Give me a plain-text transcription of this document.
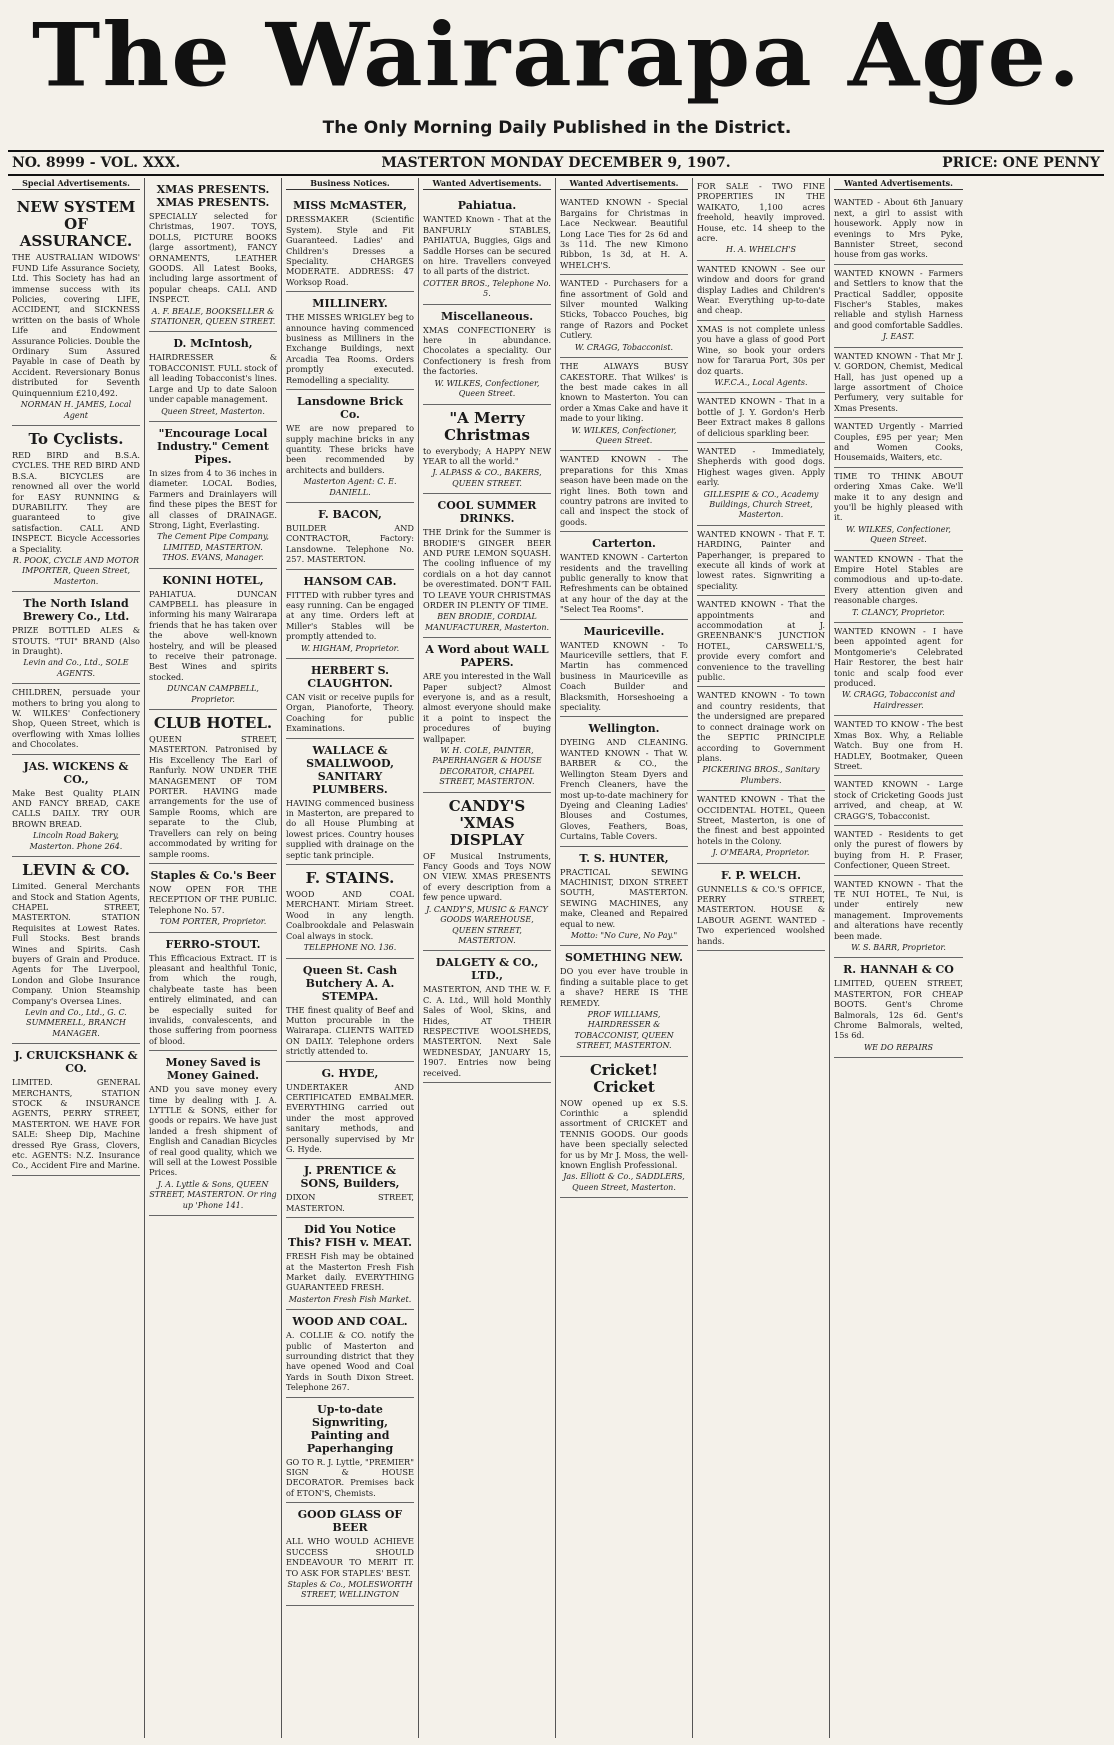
The Wairarapa Age.
The Only Morning Daily Published in the District.
NO. 8999 - VOL. XXX.	MASTERTON MONDAY DECEMBER 9, 1907.	PRICE: ONE PENNY
Special Advertisements.
NEW SYSTEM OF ASSURANCE.
THE AUSTRALIAN WIDOWS' FUND Life Assurance Society, Ltd. This Society has had an immense success with its Policies, covering LIFE, ACCIDENT, and SICKNESS written on the basis of Whole Life and Endowment Assurance Policies. Double the Ordinary Sum Assured Payable in case of Death by Accident. Reversionary Bonus distributed for Seventh Quinquennium £210,492.
NORMAN H. JAMES, Local Agent
To Cyclists.
RED BIRD and B.S.A. CYCLES. THE RED BIRD AND B.S.A. BICYCLES are renowned all over the world for EASY RUNNING & DURABILITY. They are guaranteed to give satisfaction. CALL AND INSPECT. Bicycle Accessories a Speciality.
R. POOK, CYCLE AND MOTOR IMPORTER, Queen Street, Masterton.
The North Island Brewery Co., Ltd.
PRIZE BOTTLED ALES & STOUTS. "TUI" BRAND (Also in Draught).
Levin and Co., Ltd., SOLE AGENTS.
CHILDREN, persuade your mothers to bring you along to W. WILKES' Confectionery Shop, Queen Street, which is overflowing with Xmas lollies and Chocolates.
JAS. WICKENS & CO.,
Make Best Quality PLAIN AND FANCY BREAD, CAKE CALLS DAILY. TRY OUR BROWN BREAD.
Lincoln Road Bakery, Masterton. Phone 264.
LEVIN & CO.
Limited. General Merchants and Stock and Station Agents, CHAPEL STREET, MASTERTON. STATION Requisites at Lowest Rates. Full Stocks. Best brands Wines and Spirits. Cash buyers of Grain and Produce. Agents for The Liverpool, London and Globe Insurance Company. Union Steamship Company's Oversea Lines.
Levin and Co., Ltd., G. C. SUMMERELL, BRANCH MANAGER.
J. CRUICKSHANK & CO.
LIMITED. GENERAL MERCHANTS, STATION STOCK & INSURANCE AGENTS, PERRY STREET, MASTERTON. WE HAVE FOR SALE: Sheep Dip, Machine dressed Rye Grass, Clovers, etc. AGENTS: N.Z. Insurance Co., Accident Fire and Marine.
XMAS PRESENTS. XMAS PRESENTS.
SPECIALLY selected for Christmas, 1907. TOYS, DOLLS, PICTURE BOOKS (large assortment), FANCY ORNAMENTS, LEATHER GOODS. All Latest Books, including large assortment of popular cheaps. CALL AND INSPECT.
A. F. BEALE, BOOKSELLER & STATIONER, QUEEN STREET.
D. McIntosh,
HAIRDRESSER & TOBACCONIST. FULL stock of all leading Tobacconist's lines. Large and Up to date Saloon under capable management.
Queen Street, Masterton.
"Encourage Local Industry." Cement Pipes.
In sizes from 4 to 36 inches in diameter. LOCAL Bodies, Farmers and Drainlayers will find these pipes the BEST for all classes of DRAINAGE. Strong, Light, Everlasting.
The Cement Pipe Company, LIMITED, MASTERTON. THOS. EVANS, Manager.
KONINI HOTEL,
PAHIATUA. DUNCAN CAMPBELL has pleasure in informing his many Wairarapa friends that he has taken over the above well-known hostelry, and will be pleased to receive their patronage. Best Wines and spirits stocked.
DUNCAN CAMPBELL, Proprietor.
CLUB HOTEL.
QUEEN STREET, MASTERTON. Patronised by His Excellency The Earl of Ranfurly. NOW UNDER THE MANAGEMENT OF TOM PORTER. HAVING made arrangements for the use of Sample Rooms, which are separate to the Club, Travellers can rely on being accommodated by writing for sample rooms.
Staples & Co.'s Beer
NOW OPEN FOR THE RECEPTION OF THE PUBLIC. Telephone No. 57.
TOM PORTER, Proprietor.
FERRO-STOUT.
This Efficacious Extract. IT is pleasant and healthful Tonic, from which the rough, chalybeate taste has been entirely eliminated, and can be especially suited for invalids, convalescents, and those suffering from poorness of blood.
Money Saved is Money Gained.
AND you save money every time by dealing with J. A. LYTTLE & SONS, either for goods or repairs. We have just landed a fresh shipment of English and Canadian Bicycles of real good quality, which we will sell at the Lowest Possible Prices.
J. A. Lyttle & Sons, QUEEN STREET, MASTERTON. Or ring up 'Phone 141.
Business Notices.
MISS McMASTER,
DRESSMAKER (Scientific System). Style and Fit Guaranteed. Ladies' and Children's Dresses a Speciality. CHARGES MODERATE. ADDRESS: 47 Worksop Road.
MILLINERY.
THE MISSES WRIGLEY beg to announce having commenced business as Milliners in the Exchange Buildings, next Arcadia Tea Rooms. Orders promptly executed. Remodelling a speciality.
Lansdowne Brick Co.
WE are now prepared to supply machine bricks in any quantity. These bricks have been recommended by architects and builders.
Masterton Agent: C. E. DANIELL.
F. BACON,
BUILDER AND CONTRACTOR, Factory: Lansdowne. Telephone No. 257. MASTERTON.
HANSOM CAB.
FITTED with rubber tyres and easy running. Can be engaged at any time. Orders left at Miller's Stables will be promptly attended to.
W. HIGHAM, Proprietor.
HERBERT S. CLAUGHTON.
CAN visit or receive pupils for Organ, Pianoforte, Theory. Coaching for public Examinations.
WALLACE & SMALLWOOD, SANITARY PLUMBERS.
HAVING commenced business in Masterton, are prepared to do all House Plumbing at lowest prices. Country houses supplied with drainage on the septic tank principle.
F. STAINS.
WOOD AND COAL MERCHANT. Miriam Street. Wood in any length. Coalbrookdale and Pelaswain Coal always in stock.
TELEPHONE NO. 136.
Queen St. Cash Butchery A. A. STEMPA.
THE finest quality of Beef and Mutton procurable in the Wairarapa. CLIENTS WAITED ON DAILY. Telephone orders strictly attended to.
G. HYDE,
UNDERTAKER AND CERTIFICATED EMBALMER. EVERYTHING carried out under the most approved sanitary methods, and personally supervised by Mr G. Hyde.
J. PRENTICE & SONS, Builders,
DIXON STREET, MASTERTON.
Did You Notice This? FISH v. MEAT.
FRESH Fish may be obtained at the Masterton Fresh Fish Market daily. EVERYTHING GUARANTEED FRESH.
Masterton Fresh Fish Market.
WOOD AND COAL.
A. COLLIE & CO. notify the public of Masterton and surrounding district that they have opened Wood and Coal Yards in South Dixon Street. Telephone 267.
Up-to-date Signwriting, Painting and Paperhanging
GO TO R. J. Lyttle, "PREMIER" SIGN & HOUSE DECORATOR. Premises back of ETON'S, Chemists.
GOOD GLASS OF BEER
ALL WHO WOULD ACHIEVE SUCCESS SHOULD ENDEAVOUR TO MERIT IT. TO ASK FOR STAPLES' BEST.
Staples & Co., MOLESWORTH STREET, WELLINGTON
Wanted Advertisements.
Pahiatua.
WANTED Known - That at the BANFURLY STABLES, PAHIATUA, Buggies, Gigs and Saddle Horses can be secured on hire. Travellers conveyed to all parts of the district.
COTTER BROS., Telephone No. 5.
Miscellaneous.
XMAS CONFECTIONERY is here in abundance. Chocolates a speciality. Our Confectionery is fresh from the factories.
W. WILKES, Confectioner, Queen Street.
"A Merry Christmas
to everybody; A HAPPY NEW YEAR to all the world."
J. ALPASS & CO., BAKERS, QUEEN STREET.
COOL SUMMER DRINKS.
THE Drink for the Summer is BRODIE'S GINGER BEER AND PURE LEMON SQUASH. The cooling influence of my cordials on a hot day cannot be overestimated. DON'T FAIL TO LEAVE YOUR CHRISTMAS ORDER IN PLENTY OF TIME.
BEN BRODIE, CORDIAL MANUFACTURER, Masterton.
A Word about WALL PAPERS.
ARE you interested in the Wall Paper subject? Almost everyone is, and as a result, almost everyone should make it a point to inspect the procedures of buying wallpaper.
W. H. COLE, PAINTER, PAPERHANGER & HOUSE DECORATOR, CHAPEL STREET, MASTERTON.
CANDY'S 'XMAS DISPLAY
OF Musical Instruments, Fancy Goods and Toys NOW ON VIEW. XMAS PRESENTS of every description from a few pence upward.
J. CANDY'S, MUSIC & FANCY GOODS WAREHOUSE, QUEEN STREET, MASTERTON.
DALGETY & CO., LTD.,
MASTERTON, AND THE W. F. C. A. Ltd., Will hold Monthly Sales of Wool, Skins, and Hides, AT THEIR RESPECTIVE WOOLSHEDS, MASTERTON. Next Sale WEDNESDAY, JANUARY 15, 1907. Entries now being received.
Wanted Advertisements.
WANTED KNOWN - Special Bargains for Christmas in Lace Neckwear. Beautiful Long Lace Ties for 2s 6d and 3s 11d. The new Kimono Ribbon, 1s 3d, at H. A. WHELCH'S.
WANTED - Purchasers for a fine assortment of Gold and Silver mounted Walking Sticks, Tobacco Pouches, big range of Razors and Pocket Cutlery.
W. CRAGG, Tobacconist.
THE ALWAYS BUSY CAKESTORE. That Wilkes' is the best made cakes in all known to Masterton. You can order a Xmas Cake and have it made to your liking.
W. WILKES, Confectioner, Queen Street.
WANTED KNOWN - The preparations for this Xmas season have been made on the right lines. Both town and country patrons are invited to call and inspect the stock of goods.
Carterton.
WANTED KNOWN - Carterton residents and the travelling public generally to know that Refreshments can be obtained at any hour of the day at the "Select Tea Rooms".
Mauriceville.
WANTED KNOWN - To Mauriceville settlers, that F. Martin has commenced business in Mauriceville as Coach Builder and Blacksmith, Horseshoeing a speciality.
Wellington.
DYEING AND CLEANING. WANTED KNOWN - That W. BARBER & CO., the Wellington Steam Dyers and French Cleaners, have the most up-to-date machinery for Dyeing and Cleaning Ladies' Blouses and Costumes, Gloves, Feathers, Boas, Curtains, Table Covers.
T. S. HUNTER,
PRACTICAL SEWING MACHINIST, DIXON STREET SOUTH, MASTERTON. SEWING MACHINES, any make, Cleaned and Repaired equal to new.
Motto: "No Cure, No Pay."
SOMETHING NEW.
DO you ever have trouble in finding a suitable place to get a shave? HERE IS THE REMEDY.
PROF WILLIAMS, HAIRDRESSER & TOBACCONIST, QUEEN STREET, MASTERTON.
Cricket! Cricket
NOW opened up ex S.S. Corinthic a splendid assortment of CRICKET and TENNIS GOODS. Our goods have been specially selected for us by Mr J. Moss, the well-known English Professional.
Jas. Elliott & Co., SADDLERS, Queen Street, Masterton.
FOR SALE - TWO FINE PROPERTIES IN THE WAIKATO, 1,100 acres freehold, heavily improved. House, etc. 14 sheep to the acre.
H. A. WHELCH'S
WANTED KNOWN - See our window and doors for grand display Ladies and Children's Wear. Everything up-to-date and cheap.
XMAS is not complete unless you have a glass of good Port Wine, so book your orders now for Tararua Port, 30s per doz quarts.
W.F.C.A., Local Agents.
WANTED KNOWN - That in a bottle of J. Y. Gordon's Herb Beer Extract makes 8 gallons of delicious sparkling beer.
WANTED - Immediately, Shepherds with good dogs. Highest wages given. Apply early.
GILLESPIE & CO., Academy Buildings, Church Street, Masterton.
WANTED KNOWN - That F. T. HARDING, Painter and Paperhanger, is prepared to execute all kinds of work at lowest rates. Signwriting a speciality.
WANTED KNOWN - That the appointments and accommodation at J. GREENBANK'S JUNCTION HOTEL, CARSWELL'S, provide every comfort and convenience to the travelling public.
WANTED KNOWN - To town and country residents, that the undersigned are prepared to connect drainage work on the SEPTIC PRINCIPLE according to Government plans.
PICKERING BROS., Sanitary Plumbers.
WANTED KNOWN - That the OCCIDENTAL HOTEL, Queen Street, Masterton, is one of the finest and best appointed hotels in the Colony.
J. O'MEARA, Proprietor.
F. P. WELCH.
GUNNELLS & CO.'S OFFICE, PERRY STREET, MASTERTON. HOUSE & LABOUR AGENT. WANTED - Two experienced woolshed hands.
Wanted Advertisements.
WANTED - About 6th January next, a girl to assist with housework. Apply now in evenings to Mrs Pyke, Bannister Street, second house from gas works.
WANTED KNOWN - Farmers and Settlers to know that the Practical Saddler, opposite Fischer's Stables, makes reliable and stylish Harness and good comfortable Saddles.
J. EAST.
WANTED KNOWN - That Mr J. V. GORDON, Chemist, Medical Hall, has just opened up a large assortment of Choice Perfumery, very suitable for Xmas Presents.
WANTED Urgently - Married Couples, £95 per year; Men and Women Cooks, Housemaids, Waiters, etc.
TIME TO THINK ABOUT ordering Xmas Cake. We'll make it to any design and you'll be highly pleased with it.
W. WILKES, Confectioner, Queen Street.
WANTED KNOWN - That the Empire Hotel Stables are commodious and up-to-date. Every attention given and reasonable charges.
T. CLANCY, Proprietor.
WANTED KNOWN - I have been appointed agent for Montgomerie's Celebrated Hair Restorer, the best hair tonic and scalp food ever produced.
W. CRAGG, Tobacconist and Hairdresser.
WANTED TO KNOW - The best Xmas Box. Why, a Reliable Watch. Buy one from H. HADLEY, Bootmaker, Queen Street.
WANTED KNOWN - Large stock of Cricketing Goods just arrived, and cheap, at W. CRAGG'S, Tobacconist.
WANTED - Residents to get only the purest of flowers by buying from H. P. Fraser, Confectioner, Queen Street.
WANTED KNOWN - That the TE NUI HOTEL, Te Nui, is under entirely new management. Improvements and alterations have recently been made.
W. S. BARR, Proprietor.
R. HANNAH & CO
LIMITED, QUEEN STREET, MASTERTON, FOR CHEAP BOOTS. Gent's Chrome Balmorals, 12s 6d. Gent's Chrome Balmorals, welted, 15s 6d.
WE DO REPAIRS
